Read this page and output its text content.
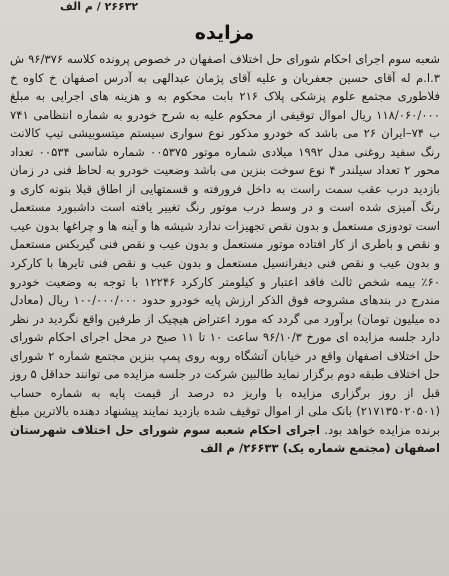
۲۶۶۳۲ / م الف
مزایده

شعبه سوم اجرای احکام شورای حل اختلاف اصفهان در خصوص پرونده کلاسه ۹۶/۳۷۶ ش ۳.ا.م له آقای حسین جعفریان و علیه آقای پژمان عبدالهی به آدرس اصفهان خ کاوه خ فلاطوری مجتمع علوم پزشکی پلاک ۲۱۶ بابت محکوم به و هزینه های اجرایی به مبلغ ۱۱۸/۰۶۰/۰۰۰ ریال اموال توقیفی از محکوم علیه به شرح خودرو به شماره انتظامی ۷۴۱ ب ۷۴–ایران ۲۶ می باشد که خودرو مذکور نوع سواری سیستم میتسوبیشی تیپ کالانت رنگ سفید روغنی مدل ۱۹۹۲ میلادی شماره موتور ۰۰۵۳۷۵ شماره شاسی ۰۰۵۳۴ تعداد محور ۲ تعداد سیلندر ۴ نوع سوخت بنزین می باشد وضعیت خودرو به لحاظ فنی در زمان بازدید درب عقب سمت راست به داخل فرورفته و قسمتهایی از اطاق قبلا بتونه کاری و رنگ آمیزی شده است و در وسط درب موتور رنگ تغییر یافته است داشبورد مستعمل است تودوزی مستعمل و بدون نقص تجهیزات ندارد شیشه ها و آینه ها و چراغها بدون عیب و نقص و باطری از کار افتاده موتور مستعمل و بدون عیب و نقص فنی گیربکس مستعمل و بدون عیب و نقص فنی دیفرانسیل مستعمل و بدون عیب و نقص فنی تایرها با کارکرد ۶۰٪ بیمه شخص ثالث فاقد اعتبار و کیلومتر کارکرد ۱۲۲۴۶ با توجه به وضعیت خودرو مندرج در بندهای مشروحه فوق الذکر ارزش پایه خودرو حدود ۱۰۰/۰۰۰/۰۰۰ ریال (معادل ده میلیون تومان) برآورد می گردد که مورد اعتراض هیچیک از طرفین واقع نگردید در نظر دارد جلسه مزایده ای مورخ ۹۶/۱۰/۳ ساعت ۱۰ تا ۱۱ صبح در محل اجرای احکام شورای حل اختلاف اصفهان واقع در خیابان آتشگاه روبه روی پمپ بنزین مجتمع شماره ۲ شورای حل اختلاف طبقه دوم برگزار نماید طالبین شرکت در جلسه مزایده می توانند حداقل ۵ روز قبل از روز برگزاری مزایده با واریز ده درصد از قیمت پایه به شماره حساب (۲۱۷۱۳۵۰۲۰۵۰۱) بانک ملی از اموال توقیف شده بازدید نمایند پیشنهاد دهنده بالاترین مبلغ برنده مزایده خواهد بود. اجرای احکام شعبه سوم شورای حل اختلاف شهرستان اصفهان (مجتمع شماره یک) ۲۶۶۳۳/ م الف
